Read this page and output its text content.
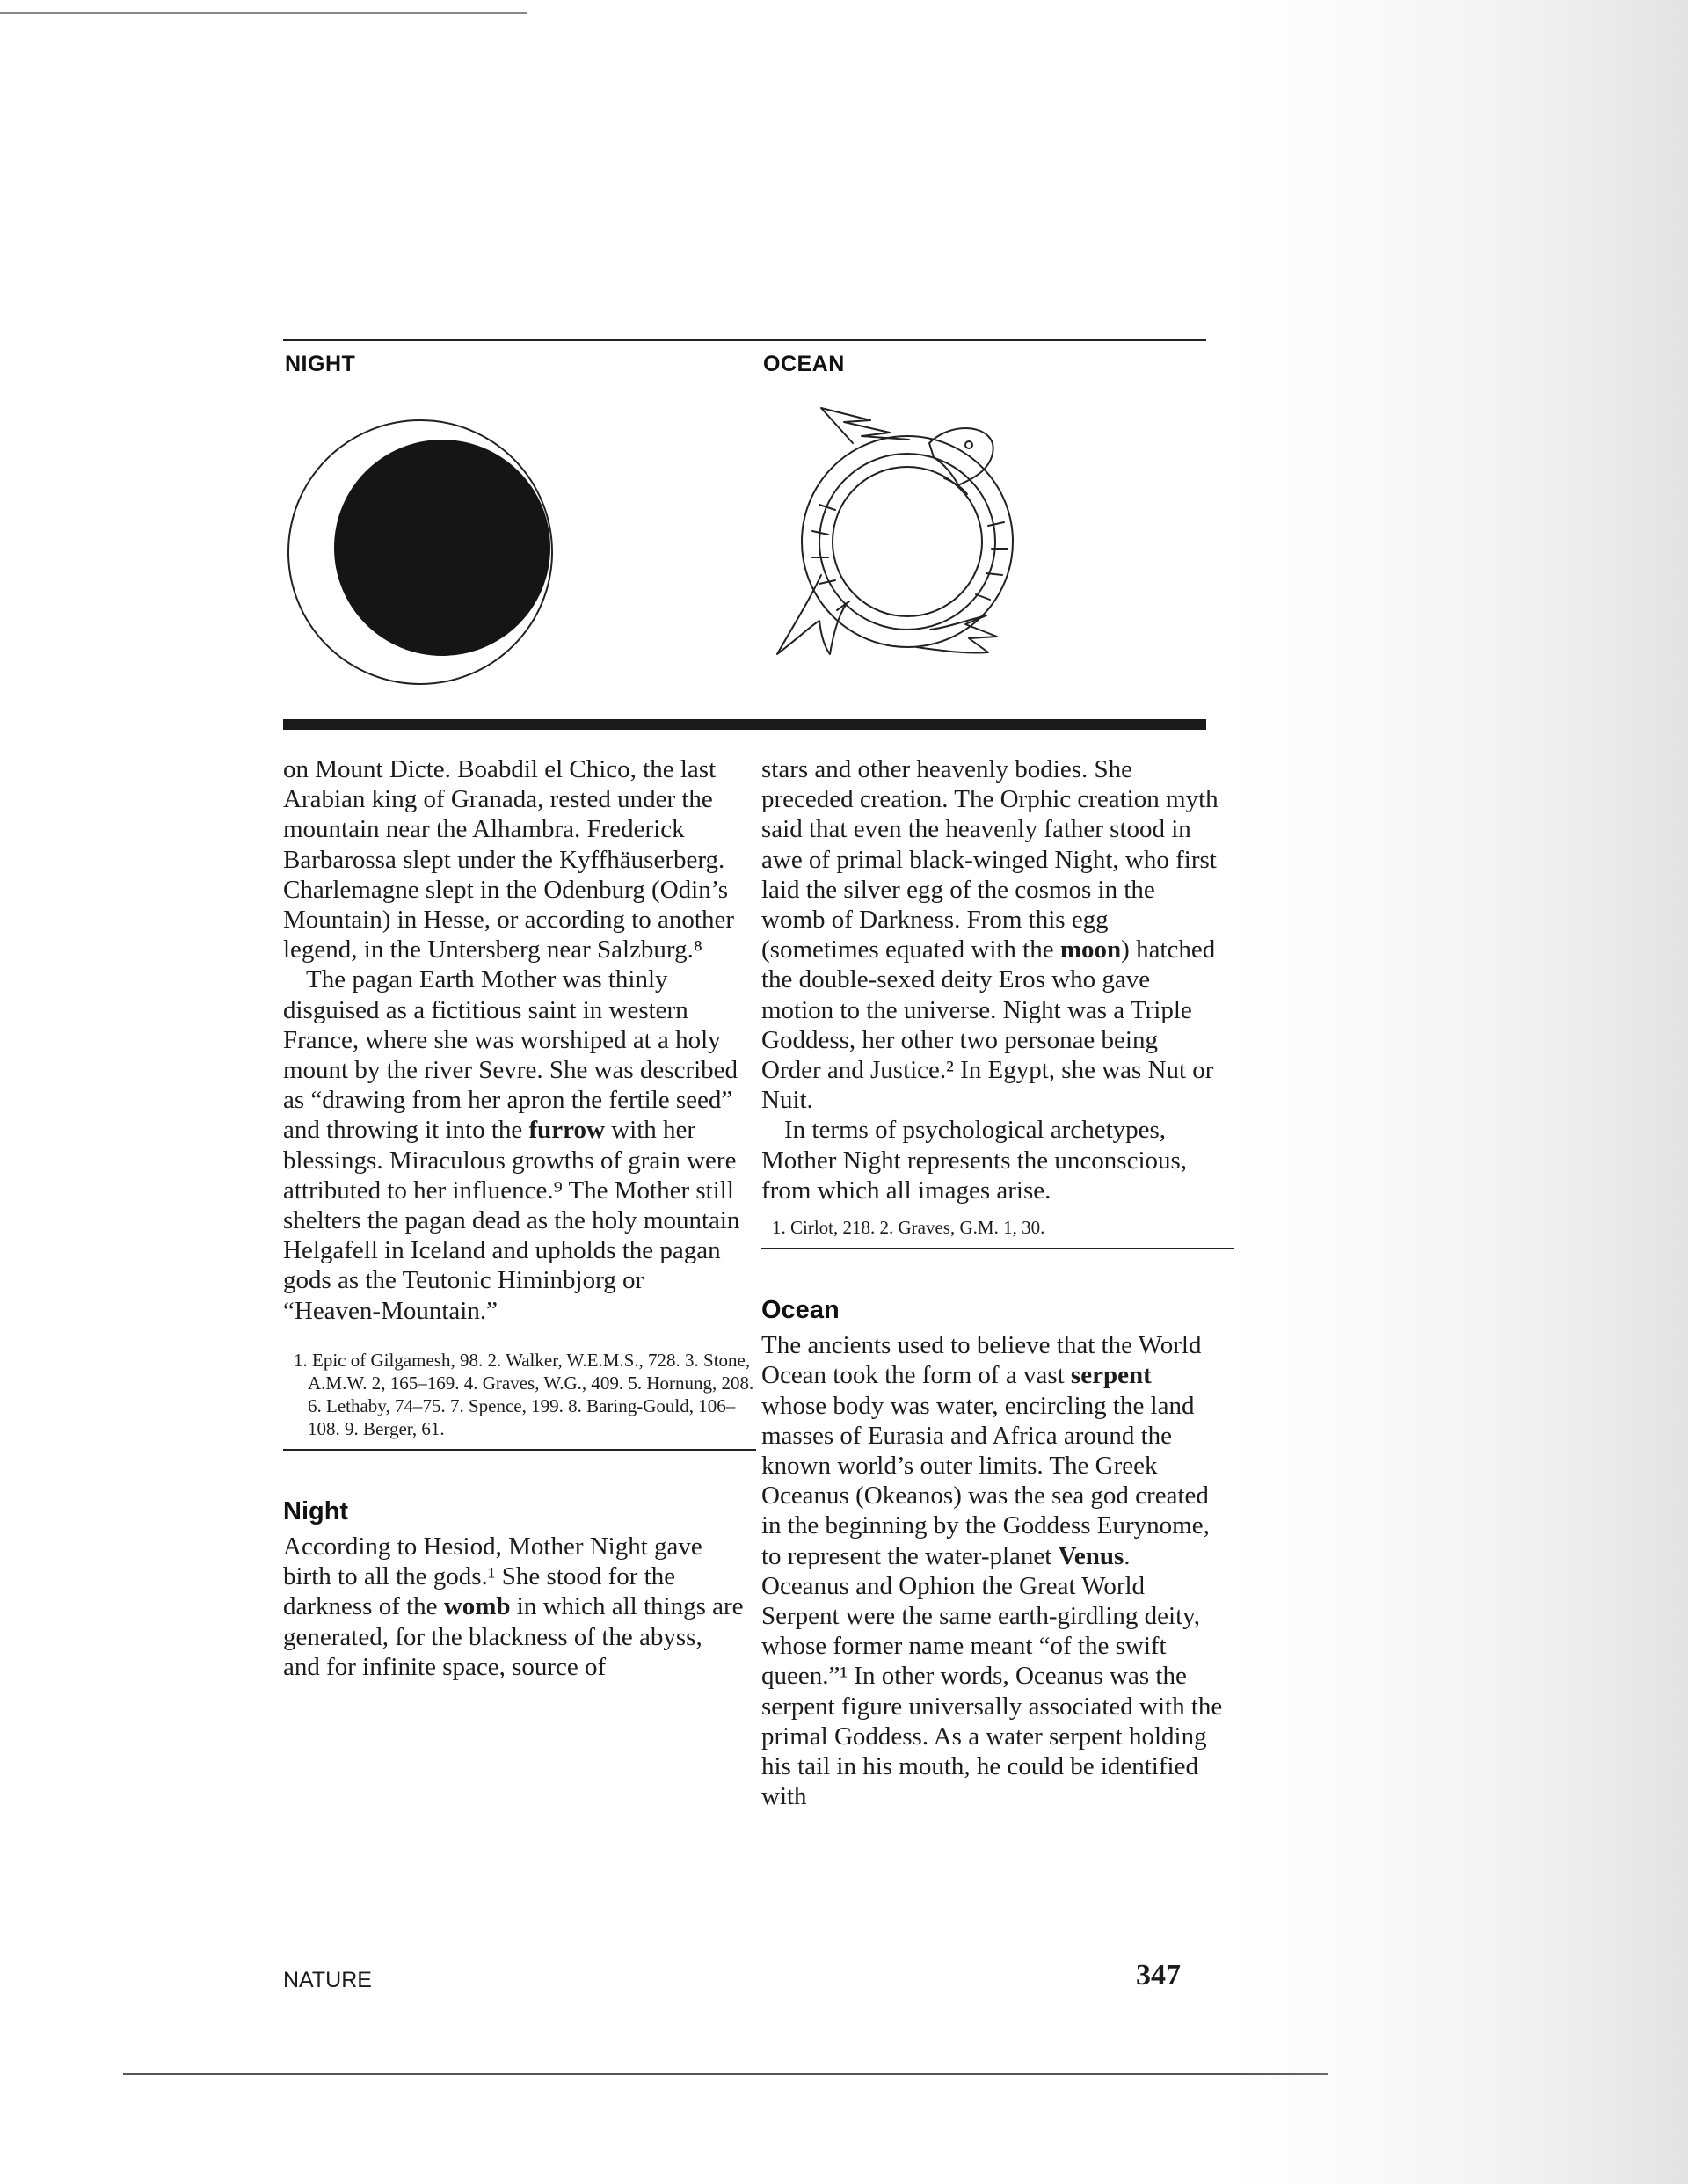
NIGHT	OCEAN

on Mount Dicte. Boabdil el Chico, the last Arabian king of Granada, rested under the mountain near the Alhambra. Frederick Barbarossa slept under the Kyffhäuserberg. Charlemagne slept in the Odenburg (Odin’s Mountain) in Hesse, or according to another legend, in the Untersberg near Salzburg.⁸

The pagan Earth Mother was thinly disguised as a fictitious saint in western France, where she was worshiped at a holy mount by the river Sevre. She was described as “drawing from her apron the fertile seed” and throwing it into the furrow with her blessings. Miraculous growths of grain were attributed to her influence.⁹ The Mother still shelters the pagan dead as the holy mountain Helgafell in Iceland and upholds the pagan gods as the Teutonic Himinbjorg or “Heaven-Mountain.”

1. Epic of Gilgamesh, 98. 2. Walker, W.E.M.S., 728. 3. Stone, A.M.W. 2, 165–169. 4. Graves, W.G., 409. 5. Hornung, 208. 6. Lethaby, 74–75. 7. Spence, 199. 8. Baring-Gould, 106–108. 9. Berger, 61.
Night

According to Hesiod, Mother Night gave birth to all the gods.¹ She stood for the darkness of the womb in which all things are generated, for the blackness of the abyss, and for infinite space, source of

stars and other heavenly bodies. She preceded creation. The Orphic creation myth said that even the heavenly father stood in awe of primal black-winged Night, who first laid the silver egg of the cosmos in the womb of Darkness. From this egg (sometimes equated with the moon) hatched the double-sexed deity Eros who gave motion to the universe. Night was a Triple Goddess, her other two personae being Order and Justice.² In Egypt, she was Nut or Nuit.

In terms of psychological archetypes, Mother Night represents the unconscious, from which all images arise.

1. Cirlot, 218. 2. Graves, G.M. 1, 30.
Ocean

The ancients used to believe that the World Ocean took the form of a vast serpent whose body was water, encircling the land masses of Eurasia and Africa around the known world’s outer limits. The Greek Oceanus (Okeanos) was the sea god created in the beginning by the Goddess Eurynome, to represent the water-planet Venus. Oceanus and Ophion the Great World Serpent were the same earth-girdling deity, whose former name meant “of the swift queen.”¹ In other words, Oceanus was the serpent figure universally associated with the primal Goddess. As a water serpent holding his tail in his mouth, he could be identified with

NATURE	347
